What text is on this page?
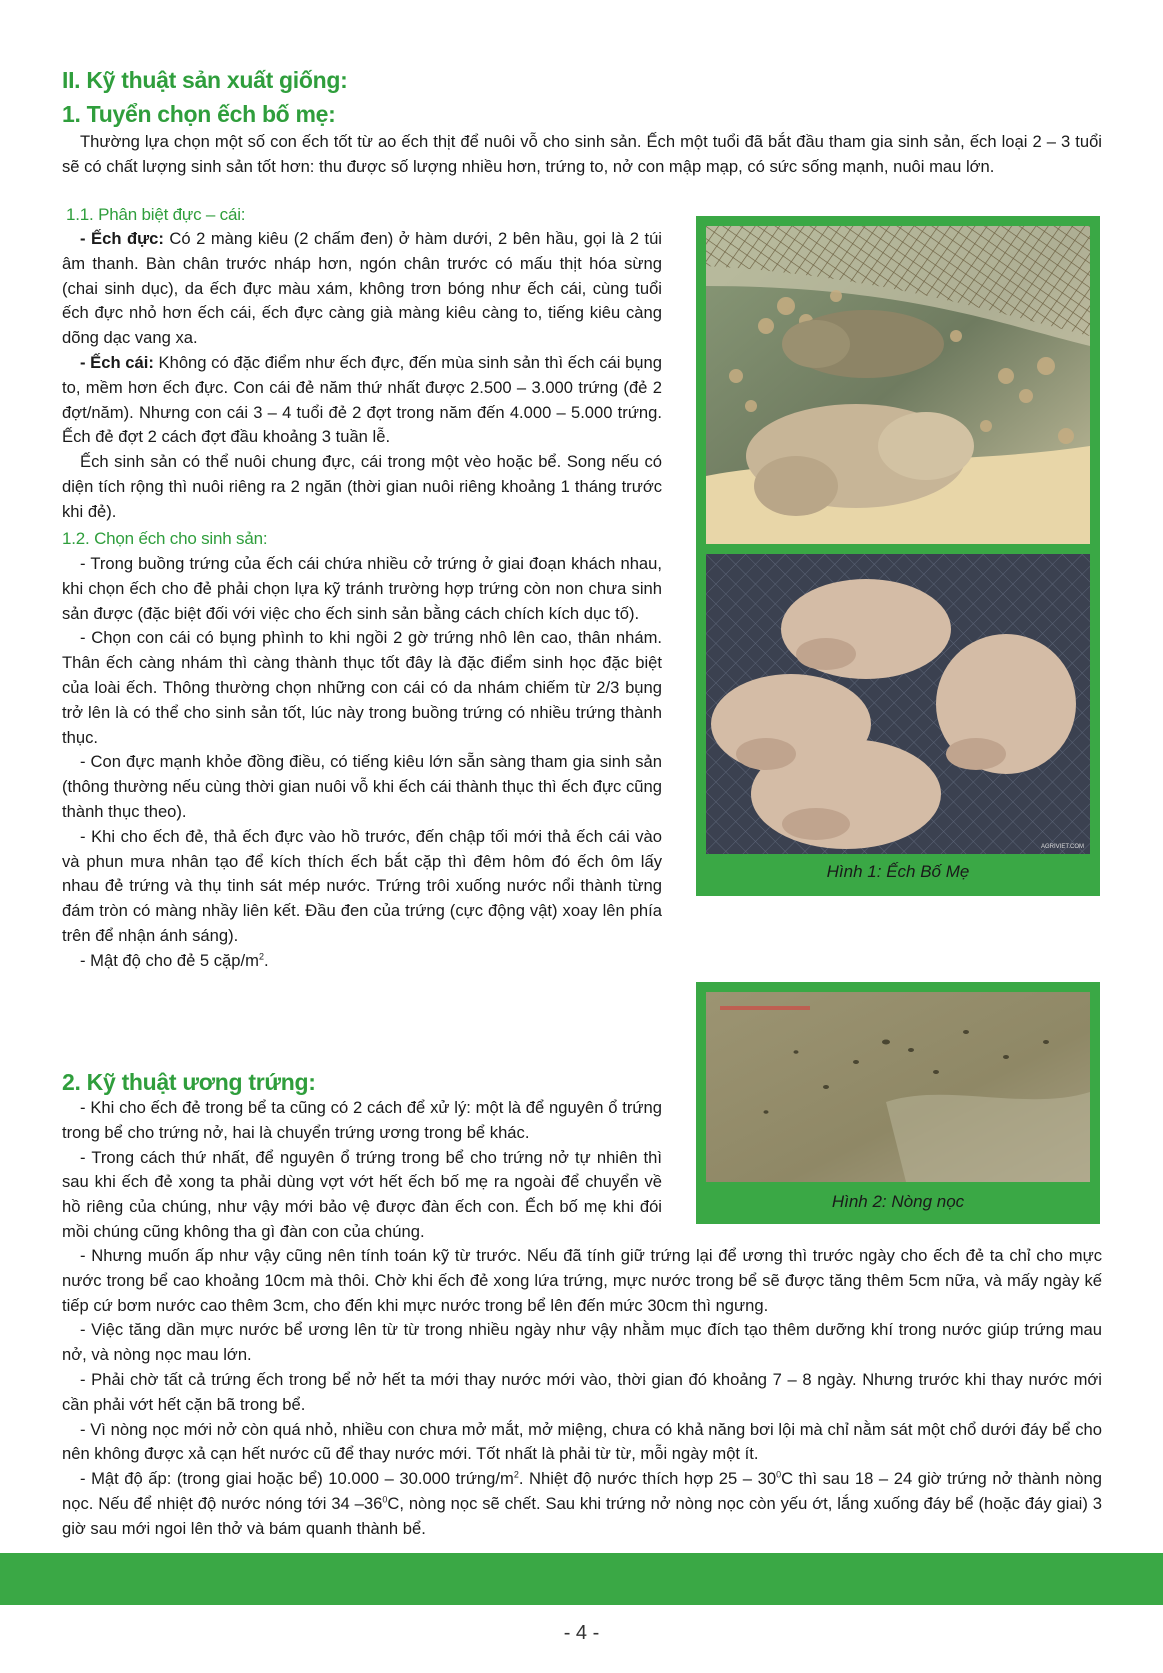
II. Kỹ thuật sản xuất giống:
1. Tuyển chọn ếch bố mẹ:

Thường lựa chọn một số con ếch tốt từ ao ếch thịt để nuôi vỗ cho sinh sản. Ếch một tuổi đã bắt đầu tham gia sinh sản, ếch loại 2 – 3 tuổi sẽ có chất lượng sinh sản tốt hơn: thu được số lượng nhiều hơn, trứng to, nở con mập mạp, có sức sống mạnh, nuôi mau lớn.

1.1. Phân biệt đực – cái:

- Ếch đực: Có 2 màng kiêu (2 chấm đen) ở hàm dưới, 2 bên hầu, gọi là 2 túi âm thanh. Bàn chân trước nháp hơn, ngón chân trước có mấu thịt hóa sừng (chai sinh dục), da ếch đực màu xám, không trơn bóng như ếch cái, cùng tuổi ếch đực nhỏ hơn ếch cái, ếch đực càng già màng kiêu càng to, tiếng kiêu càng dõng dạc vang xa.

- Ếch cái: Không có đặc điểm như ếch đực, đến mùa sinh sản thì ếch cái bụng to, mềm hơn ếch đực. Con cái đẻ năm thứ nhất được 2.500 – 3.000 trứng (đẻ 2 đợt/năm). Nhưng con cái 3 – 4 tuổi đẻ 2 đợt trong năm đến 4.000 – 5.000 trứng. Ếch đẻ đợt 2 cách đợt đầu khoảng 3 tuần lễ.

Ếch sinh sản có thể nuôi chung đực, cái trong một vèo hoặc bể. Song nếu có diện tích rộng thì nuôi riêng ra 2 ngăn (thời gian nuôi riêng khoảng 1 tháng trước khi đẻ).

1.2. Chọn ếch cho sinh sản:

- Trong buồng trứng của ếch cái chứa nhiều cở trứng ở giai đoạn khách nhau, khi chọn ếch cho đẻ phải chọn lựa kỹ tránh trường hợp trứng còn non chưa sinh sản được (đặc biệt đối với việc cho ếch sinh sản bằng cách chích kích dục tố).

- Chọn con cái có bụng phình to khi ngồi 2 gờ trứng nhô lên cao, thân nhám. Thân ếch càng nhám thì càng thành thục tốt đây là đặc điểm sinh học đặc biệt của loài ếch. Thông thường chọn những con cái có da nhám chiếm từ 2/3 bụng trở lên là có thể cho sinh sản tốt, lúc này trong buồng trứng có nhiều trứng thành thục.

- Con đực mạnh khỏe đồng điều, có tiếng kiêu lớn sẵn sàng tham gia sinh sản (thông thường nếu cùng thời gian nuôi vỗ khi ếch cái thành thục thì ếch đực cũng thành thục theo).

- Khi cho ếch đẻ, thả ếch đực vào hồ trước, đến chập tối mới thả ếch cái vào và phun mưa nhân tạo để kích thích ếch bắt cặp thì đêm hôm đó ếch ôm lấy nhau đẻ trứng và thụ tinh sát mép nước. Trứng trôi xuống nước nổi thành từng đám tròn có màng nhầy liên kết. Đầu đen của trứng (cực động vật) xoay lên phía trên để nhận ánh sáng).

- Mật độ cho đẻ 5 cặp/$m^2$.

AGRIVIET.COM
Hình 1: Ếch Bố Mẹ
2. Kỹ thuật ương trứng:

- Khi cho ếch đẻ trong bể ta cũng có 2 cách để xử lý: một là để nguyên ổ trứng trong bể cho trứng nở, hai là chuyển trứng ương trong bể khác.

- Trong cách thứ nhất, để nguyên ổ trứng trong bể cho trứng nở tự nhiên thì sau khi ếch đẻ xong ta phải dùng vợt vớt hết ếch bố mẹ ra ngoài để chuyển về hồ riêng của chúng, như vậy mới bảo vệ được đàn ếch con. Ếch bố mẹ khi đói mồi chúng cũng không tha gì đàn con của chúng.

Hình 2: Nòng nọc

- Nhưng muốn ấp như vậy cũng nên tính toán kỹ từ trước. Nếu đã tính giữ trứng lại để ương thì trước ngày cho ếch đẻ ta chỉ cho mực nước trong bể cao khoảng 10cm mà thôi. Chờ khi ếch đẻ xong lứa trứng, mực nước trong bể sẽ được tăng thêm 5cm nữa, và mấy ngày kế tiếp cứ bơm nước cao thêm 3cm, cho đến khi mực nước trong bể lên đến mức 30cm thì ngưng.

- Việc tăng dần mực nước bể ương lên từ từ trong nhiều ngày như vậy nhằm mục đích tạo thêm dưỡng khí trong nước giúp trứng mau nở, và nòng nọc mau lớn.

- Phải chờ tất cả trứng ếch trong bể nở hết ta mới thay nước mới vào, thời gian đó khoảng 7 – 8 ngày. Nhưng trước khi thay nước mới cần phải vớt hết cặn bã trong bể.

- Vì nòng nọc mới nở còn quá nhỏ, nhiều con chưa mở mắt, mở miệng, chưa có khả năng bơi lội mà chỉ nằm sát một chổ dưới đáy bể cho nên không được xả cạn hết nước cũ để thay nước mới. Tốt nhất là phải từ từ, mỗi ngày một ít.

- Mật độ ấp: (trong giai hoặc bể) 10.000 – 30.000 trứng/$m^2$. Nhiệt độ nước thích hợp $25 - 30^0C$ thì sau 18 – 24 giờ trứng nở thành nòng nọc. Nếu để nhiệt độ nước nóng tới 34 $-36^0C$, nòng nọc sẽ chết. Sau khi trứng nở nòng nọc còn yếu ớt, lắng xuống đáy bể (hoặc đáy giai) 3 giờ sau mới ngoi lên thở và bám quanh thành bể.

- 4 -
